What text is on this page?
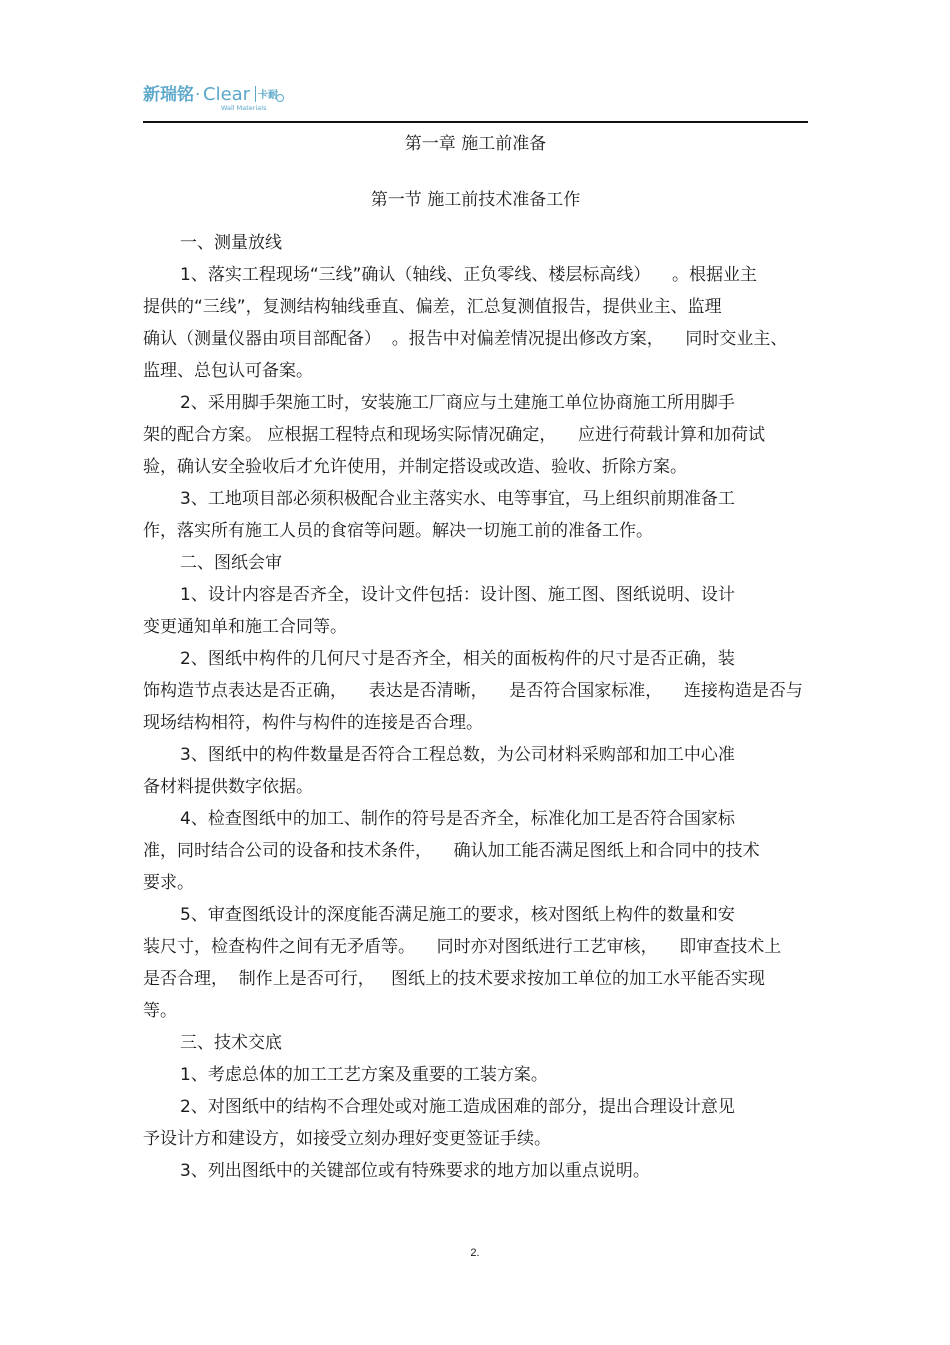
新瑞铭 · Clear 卡耐
Wall Materials
第一章 施工前准备
第一节 施工前技术准备工作
一、测量放线
1、落实工程现场“三线”确认（轴线、正负零线、楼层标高线）    。根据业主
提供的“三线”，复测结构轴线垂直、偏差，汇总复测值报告，提供业主、监理
确认（测量仪器由项目部配备）  。报告中对偏差情况提出修改方案，    同时交业主、
监理、总包认可备案。
2、采用脚手架施工时，安装施工厂商应与土建施工单位协商施工所用脚手
架的配合方案。 应根据工程特点和现场实际情况确定，    应进行荷载计算和加荷试
验，确认安全验收后才允许使用，并制定搭设或改造、验收、折除方案。
3、工地项目部必须积极配合业主落实水、电等事宜，马上组织前期准备工
作，落实所有施工人员的食宿等问题。解决一切施工前的准备工作。
二、图纸会审
1、设计内容是否齐全，设计文件包括：设计图、施工图、图纸说明、设计
变更通知单和施工合同等。
2、图纸中构件的几何尺寸是否齐全，相关的面板构件的尺寸是否正确，装
饰构造节点表达是否正确，    表达是否清晰，    是否符合国家标准，    连接构造是否与
现场结构相符，构件与构件的连接是否合理。
3、图纸中的构件数量是否符合工程总数，为公司材料采购部和加工中心准
备材料提供数字依据。
4、检查图纸中的加工、制作的符号是否齐全，标准化加工是否符合国家标
准，同时结合公司的设备和技术条件，    确认加工能否满足图纸上和合同中的技术
要求。
5、审查图纸设计的深度能否满足施工的要求，核对图纸上构件的数量和安
装尺寸，检查构件之间有无矛盾等。    同时亦对图纸进行工艺审核，    即审查技术上
是否合理，  制作上是否可行，   图纸上的技术要求按加工单位的加工水平能否实现
等。
三、技术交底
1、考虑总体的加工工艺方案及重要的工装方案。
2、对图纸中的结构不合理处或对施工造成困难的部分，提出合理设计意见
予设计方和建设方，如接受立刻办理好变更签证手续。
3、列出图纸中的关键部位或有特殊要求的地方加以重点说明。
2.
